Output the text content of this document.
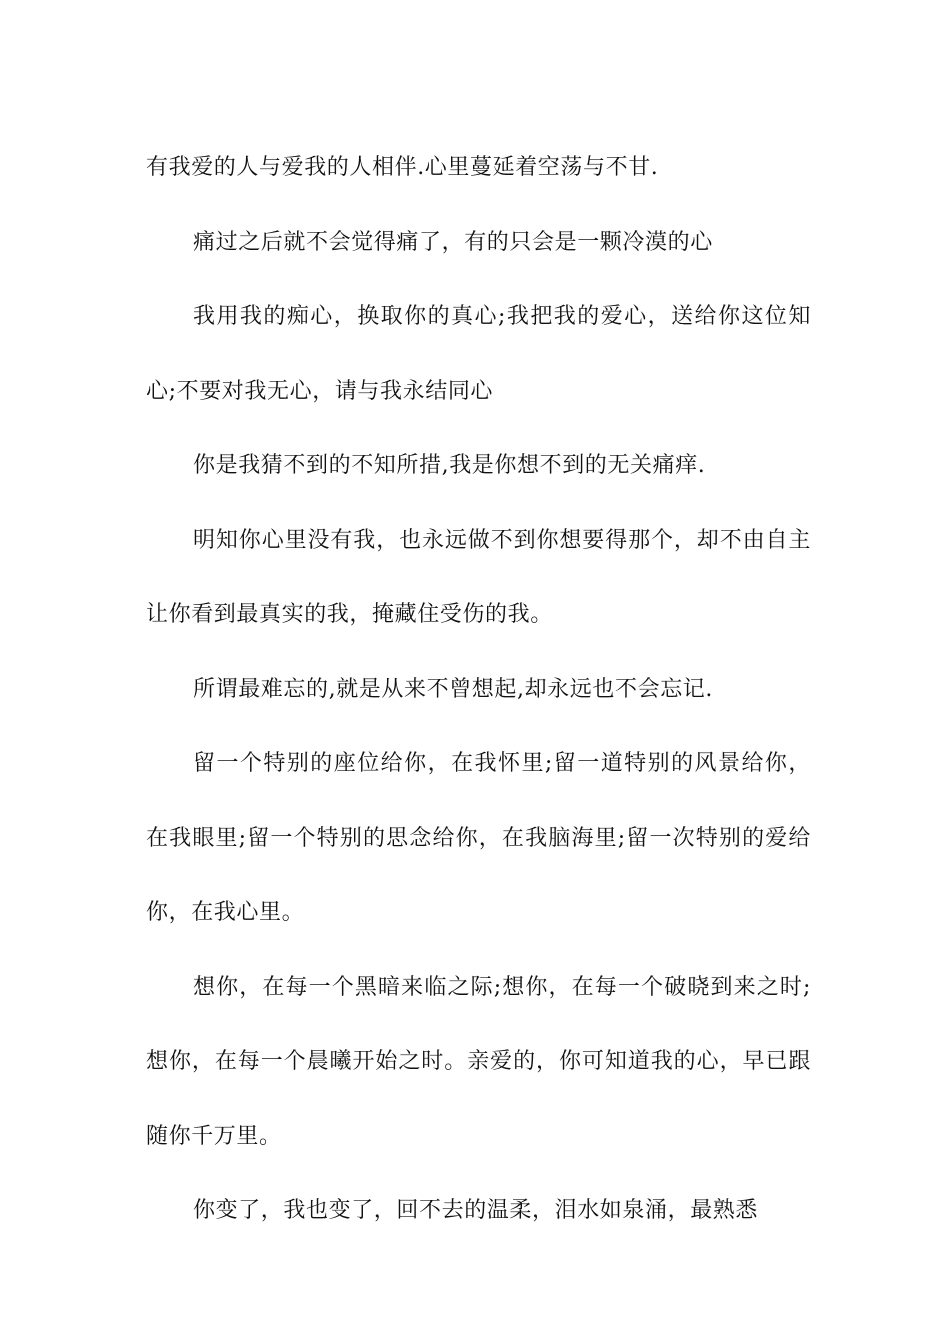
有我爱的人与爱我的人相伴.心里蔓延着空荡与不甘.

痛过之后就不会觉得痛了，有的只会是一颗冷漠的心

我用我的痴心，换取你的真心;我把我的爱心，送给你这位知心;不要对我无心，请与我永结同心

你是我猜不到的不知所措,我是你想不到的无关痛痒.

明知你心里没有我，也永远做不到你想要得那个，却不由自主让你看到最真实的我，掩藏住受伤的我。

所谓最难忘的,就是从来不曾想起,却永远也不会忘记.

留一个特别的座位给你，在我怀里;留一道特别的风景给你，在我眼里;留一个特别的思念给你，在我脑海里;留一次特别的爱给你，在我心里。

想你，在每一个黑暗来临之际;想你，在每一个破晓到来之时;想你，在每一个晨曦开始之时。亲爱的，你可知道我的心，早已跟随你千万里。

你变了，我也变了，回不去的温柔，泪水如泉涌，最熟悉
